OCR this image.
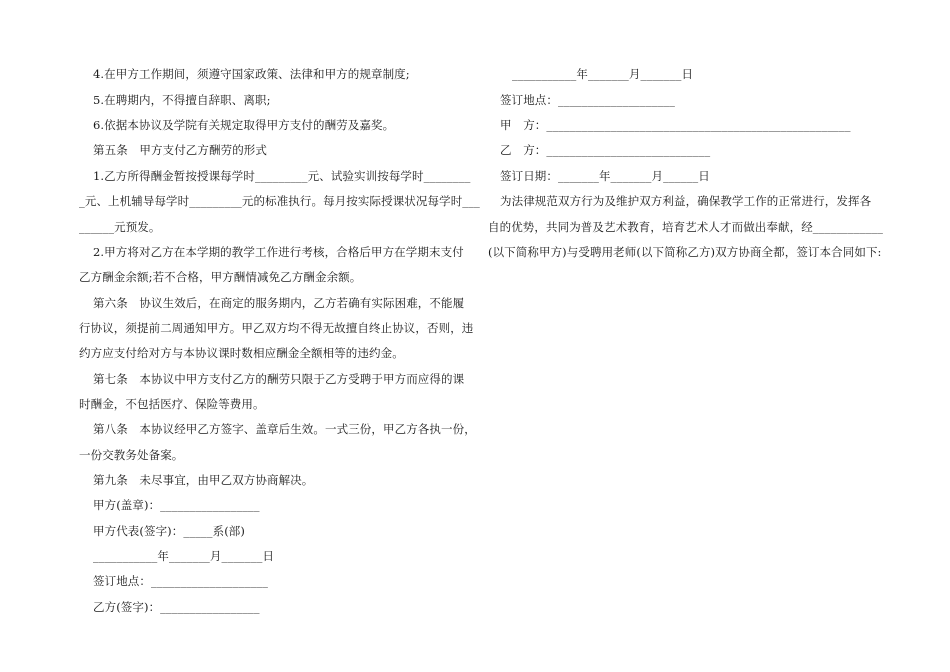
4.在甲方工作期间，须遵守国家政策、法律和甲方的规章制度;
5.在聘期内，不得擅自辞职、离职;
6.依据本协议及学院有关规定取得甲方支付的酬劳及嘉奖。
第五条　甲方支付乙方酬劳的形式
1.乙方所得酬金暂按授课每学时_________元、试验实训按每学时________
_元、上机辅导每学时_________元的标准执行。每月按实际授课状况每学时___
______元预发。
2.甲方将对乙方在本学期的教学工作进行考核，合格后甲方在学期末支付
乙方酬金余额;若不合格，甲方酬情减免乙方酬金余额。
第六条　协议生效后，在商定的服务期内，乙方若确有实际困难，不能履
行协议，须提前二周通知甲方。甲乙双方均不得无故擅自终止协议，否则，违
约方应支付给对方与本协议课时数相应酬金全额相等的违约金。
第七条　本协议中甲方支付乙方的酬劳只限于乙方受聘于甲方而应得的课
时酬金，不包括医疗、保险等费用。
第八条　本协议经甲乙方签字、盖章后生效。一式三份，甲乙方各执一份，
一份交教务处备案。
第九条　未尽事宜，由甲乙双方协商解决。
甲方(盖章)：_________________
甲方代表(签字)：_____系(部)
___________年_______月_______日
签订地点：____________________
乙方(签字)：_________________
___________年_______月_______日
签订地点：____________________
甲　方：____________________________________________________
乙　方：____________________________
签订日期：_______年_______月______日
为法律规范双方行为及维护双方利益，确保教学工作的正常进行，发挥各
自的优势，共同为普及艺术教育，培育艺术人才而做出奉献，经____________
(以下简称甲方)与受聘用老师(以下简称乙方)双方协商全都，签订本合同如下:
